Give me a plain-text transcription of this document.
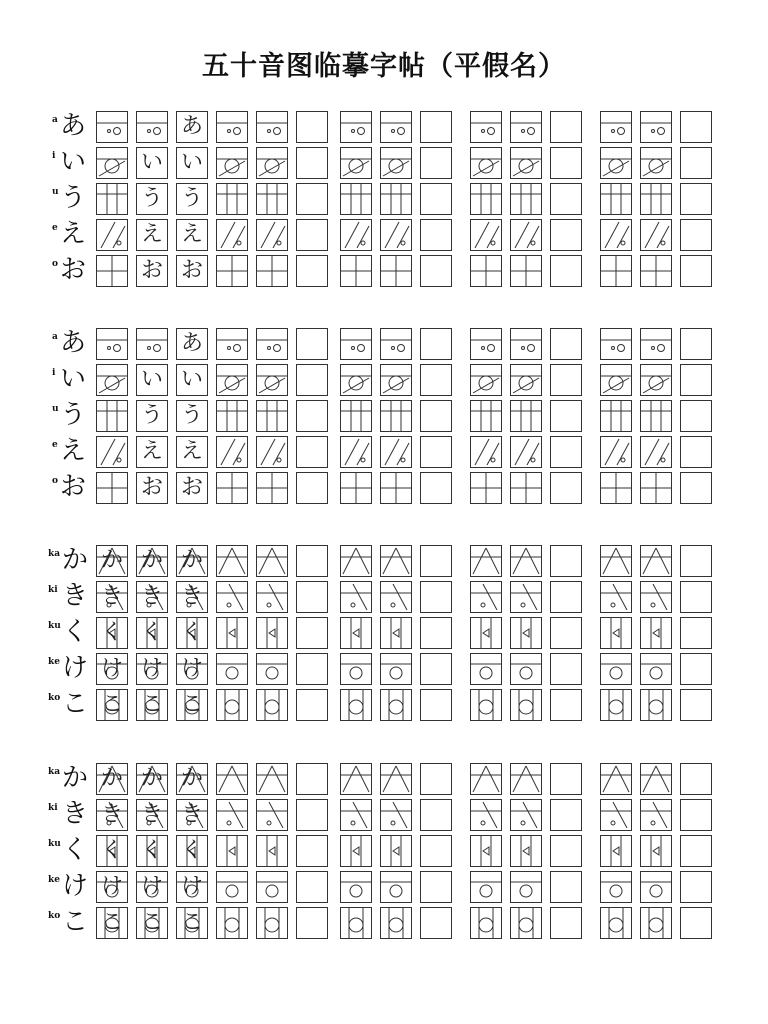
五十音图临摹字帖（平假名）
a あ	あ
i い い い
u う う う
e え え え
o お お お
a あ	あ
i い い い
u う う う
e え え え
o お お お
ka か か か か
ki き き き き
ku く く く く
ke け け け け
ko こ こ こ こ
ka か か か か
ki き き き き
ku く く く く
ke け け け け
ko こ こ こ こ
